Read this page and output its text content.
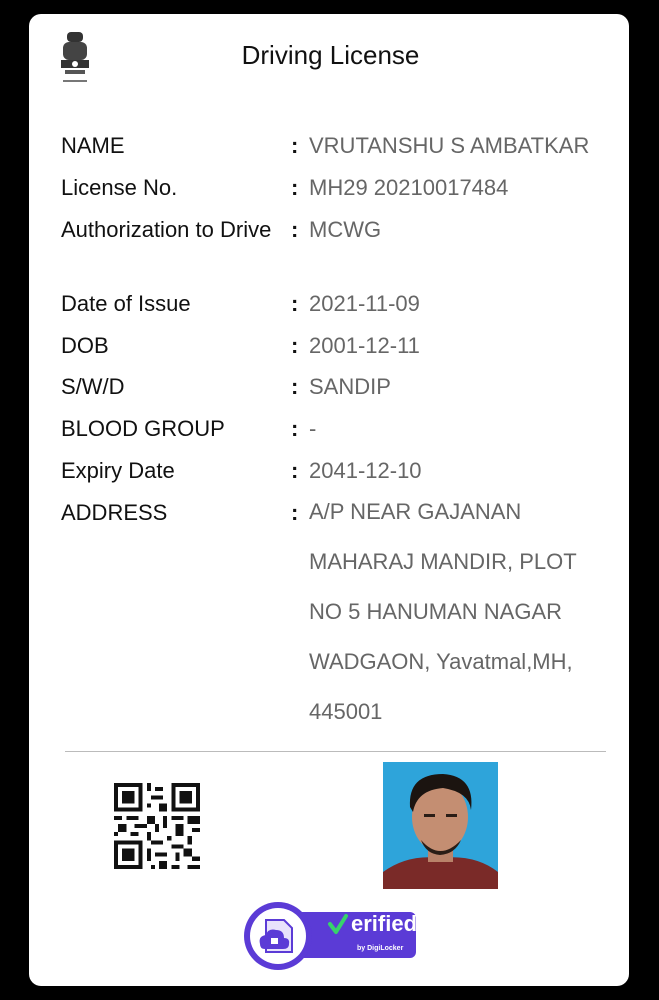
Driving License
NAME	: VRUTANSHU S AMBATKAR
License No.	: MH29 20210017484
Authorization to Drive : MCWG
Date of Issue	: 2021-11-09
DOB	: 2001-12-11
S/W/D	: SANDIP
BLOOD GROUP	: -
Expiry Date	: 2041-12-10
ADDRESS	: A/P NEAR GAJANAN MAHARAJ MANDIR, PLOT NO 5 HANUMAN NAGAR WADGAON, Yavatmal,MH, 445001
erified
by DigiLocker
